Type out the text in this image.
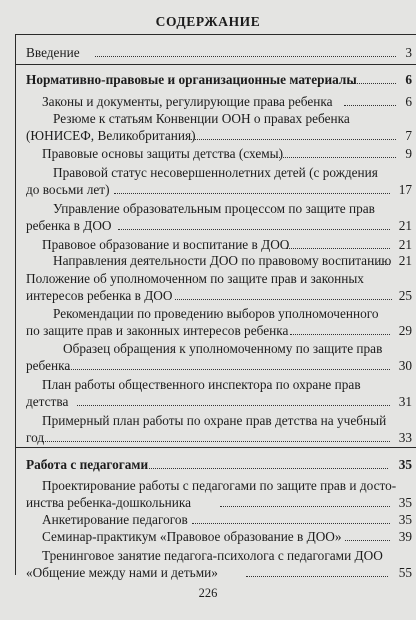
СОДЕРЖАНИЕ
Введение	3
Нормативно-правовые и организационные материалы	6
Законы и документы, регулирующие права ребенка	6
Резюме к статьям Конвенции ООН о правах ребенка
(ЮНИСЕФ, Великобритания)	7
Правовые основы защиты детства (схемы)	9
Правовой статус несовершеннолетних детей (с рождения
до восьми лет)	17
Управление образовательным процессом по защите прав
ребенка в ДОО	21
Правовое образование и воспитание в ДОО	21
Направления деятельности ДОО по правовому воспитанию 21
Положение об уполномоченном по защите прав и законных
интересов ребенка в ДОО	25
Рекомендации по проведению выборов уполномоченного
по защите прав и законных интересов ребенка	29
Образец обращения к уполномоченному по защите прав
ребенка	30
План работы общественного инспектора по охране прав
детства	31
Примерный план работы по охране прав детства на учебный
год	33
Работа с педагогами	35
Проектирование работы с педагогами по защите прав и досто-
инства ребенка-дошкольника	35
Анкетирование педагогов	35
Семинар-практикум «Правовое образование в ДОО»	39
Тренинговое занятие педагога-психолога с педагогами ДОО
«Общение между нами и детьми»	55
226
